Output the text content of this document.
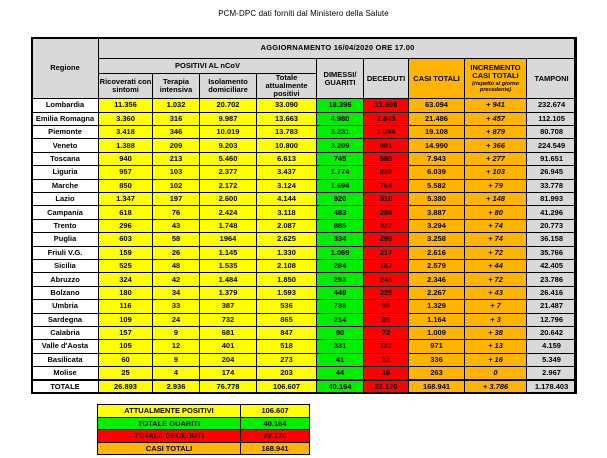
PCM-DPC dati forniti dal Ministero della Salute
Regione	AGGIORNAMENTO 16/04/2020 ORE 17.00								
	POSITIVI AL nCoV				DIMESSI/ GUARITI	DECEDUTI	CASI TOTALI	INCREMENTO CASI TOTALI
(rispetto al giorno precedente)	TAMPONI
	Ricoverati con sintomi	Terapia intensiva	Isolamento domiciliare	Totale attualmente positivi					
Lombardia	11.356	1.032	20.702	33.090	18.396	11.608	63.094	+ 941	232.674
Emilia Romagna	3.360	316	9.987	13.663	4.980	2.843	21.486	+ 457	112.105
Piemonte	3.418	346	10.019	13.783	3.231	2.094	19.108	+ 879	80.708
Veneto	1.388	209	9.203	10.800	3.209	981	14.990	+ 366	224.549
Toscana	940	213	5.460	6.613	745	585	7.943	+ 277	91.651
Liguria	957	103	2.377	3.437	1.774	828	6.039	+ 103	26.945
Marche	850	102	2.172	3.124	1.694	764	5.582	+ 79	33.778
Lazio	1.347	197	2.600	4.144	920	316	5.380	+ 148	81.993
Campania	618	76	2.424	3.118	483	286	3.887	+ 80	41.296
Trento	296	43	1.748	2.087	885	322	3.294	+ 74	20.773
Puglia	603	58	1964	2.625	334	299	3.258	+ 74	36.158
Friuli V.G.	159	26	1.145	1.330	1.069	217	2.616	+ 72	35.766
Sicilia	525	48	1.535	2.108	284	187	2.579	+ 44	42.405
Abruzzo	324	42	1.484	1.850	253	243	2.346	+ 72	23.786
Bolzano	180	34	1.379	1.593	449	225	2.267	+ 43	26.416
Umbria	116	33	387	536	738	55	1.329	+ 7	21.487
Sardegna	109	24	732	865	214	85	1.164	+ 3	12.796
Calabria	157	9	681	847	90	72	1.009	+ 38	20.642
Valle d'Aosta	105	12	401	518	331	122	971	+ 13	4.159
Basilicata	60	9	204	273	41	22	336	+ 16	5.349
Molise	25	4	174	203	44	16	263	0	2.967
TOTALE	26.893	2.936	76.778	106.607	40.164	22.170	168.941	+ 3.786	1.178.403
ATTUALMENTE POSITIVI	106.607
TOTALE GUARITI	40.164
TOTALE DECEDUTI	22.170
CASI TOTALI	168.941
